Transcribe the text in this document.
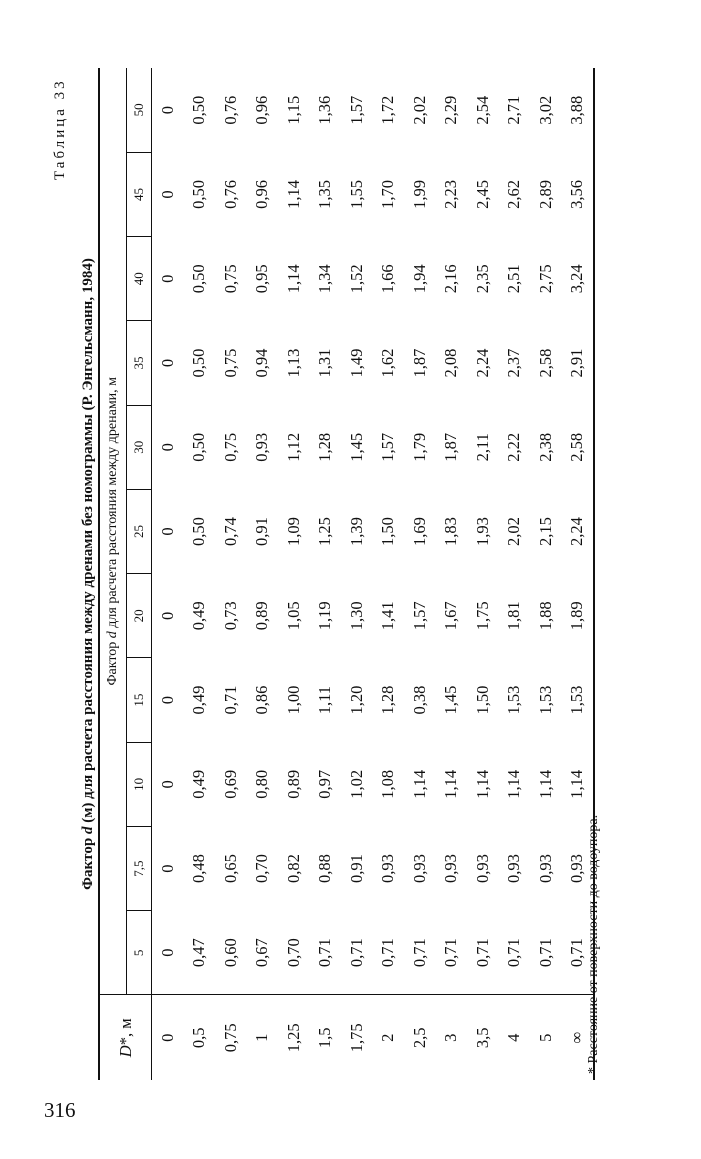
316
Таблица 33
Фактор d (м) для расчета расстояния между дренами без номограммы (Р. Энгельсманн, 1984)
D*, м	Фактор d для расчета расстояния между дренами, м										
	5	7,5	10	15	20	25	30	35	40	45	50
0	0	0	0	0	0	0	0	0	0	0	0
0,5	0,47	0,48	0,49	0,49	0,49	0,50	0,50	0,50	0,50	0,50	0,50
0,75	0,60	0,65	0,69	0,71	0,73	0,74	0,75	0,75	0,75	0,76	0,76
1	0,67	0,70	0,80	0,86	0,89	0,91	0,93	0,94	0,95	0,96	0,96
1,25	0,70	0,82	0,89	1,00	1,05	1,09	1,12	1,13	1,14	1,14	1,15
1,5	0,71	0,88	0,97	1,11	1,19	1,25	1,28	1,31	1,34	1,35	1,36
1,75	0,71	0,91	1,02	1,20	1,30	1,39	1,45	1,49	1,52	1,55	1,57
2	0,71	0,93	1,08	1,28	1,41	1,50	1,57	1,62	1,66	1,70	1,72
2,5	0,71	0,93	1,14	0,38	1,57	1,69	1,79	1,87	1,94	1,99	2,02
3	0,71	0,93	1,14	1,45	1,67	1,83	1,87	2,08	2,16	2,23	2,29
3,5	0,71	0,93	1,14	1,50	1,75	1,93	2,11	2,24	2,35	2,45	2,54
4	0,71	0,93	1,14	1,53	1,81	2,02	2,22	2,37	2,51	2,62	2,71
5	0,71	0,93	1,14	1,53	1,88	2,15	2,38	2,58	2,75	2,89	3,02
∞	0,71	0,93	1,14	1,53	1,89	2,24	2,58	2,91	3,24	3,56	3,88
* Расстояние от поверхности до водоупора.
